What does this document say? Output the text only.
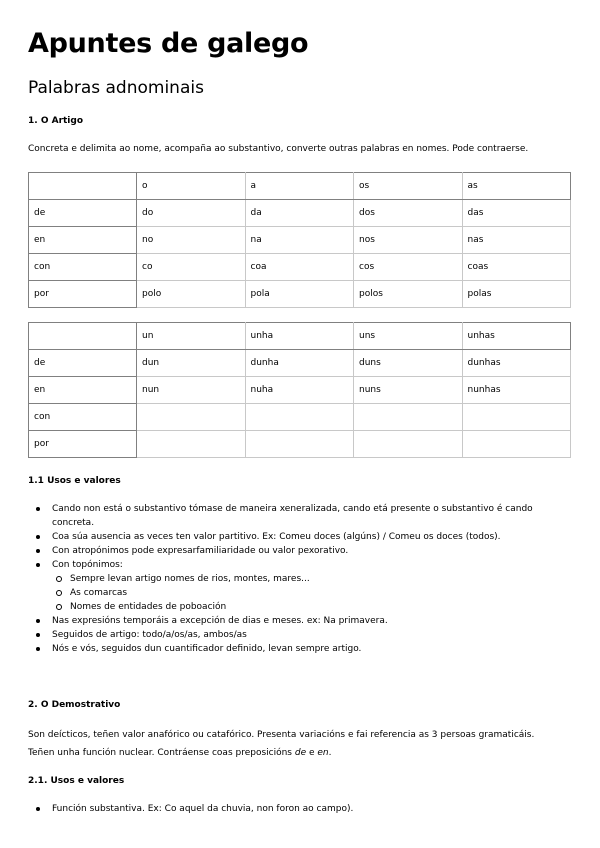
Apuntes de galego
Palabras adnominais
1. O Artigo
Concreta e delimita ao nome, acompaña ao substantivo, converte outras palabras en nomes. Pode contraerse.
	o	a	os	as
de	do	da	dos	das
en	no	na	nos	nas
con	co	coa	cos	coas
por	polo	pola	polos	polas
	un	unha	uns	unhas
de	dun	dunha	duns	dunhas
en	nun	nuha	nuns	nunhas
con				
por				
1.1 Usos e valores
Cando non está o substantivo tómase de maneira xeneralizada, cando etá presente o substantivo é cando concreta.
Coa súa ausencia as veces ten valor partitivo. Ex: Comeu doces (algúns) / Comeu os doces (todos).
Con atropónimos pode expresarfamiliaridade ou valor pexorativo.
Con topónimos:
Sempre levan artigo nomes de rios, montes, mares...
As comarcas
Nomes de entidades de poboación
Nas expresións temporáis a excepción de dias e meses. ex: Na primavera.
Seguidos de artigo: todo/a/os/as, ambos/as
Nós e vós, seguidos dun cuantificador definido, levan sempre artigo.
2. O Demostrativo
Son deícticos, teñen valor anafórico ou catafórico. Presenta variacións e fai referencia as 3 persoas gramaticáis.
Teñen unha función nuclear. Contráense coas preposicións de e en.
2.1. Usos e valores
Función substantiva. Ex: Co aquel da chuvia, non foron ao campo).
